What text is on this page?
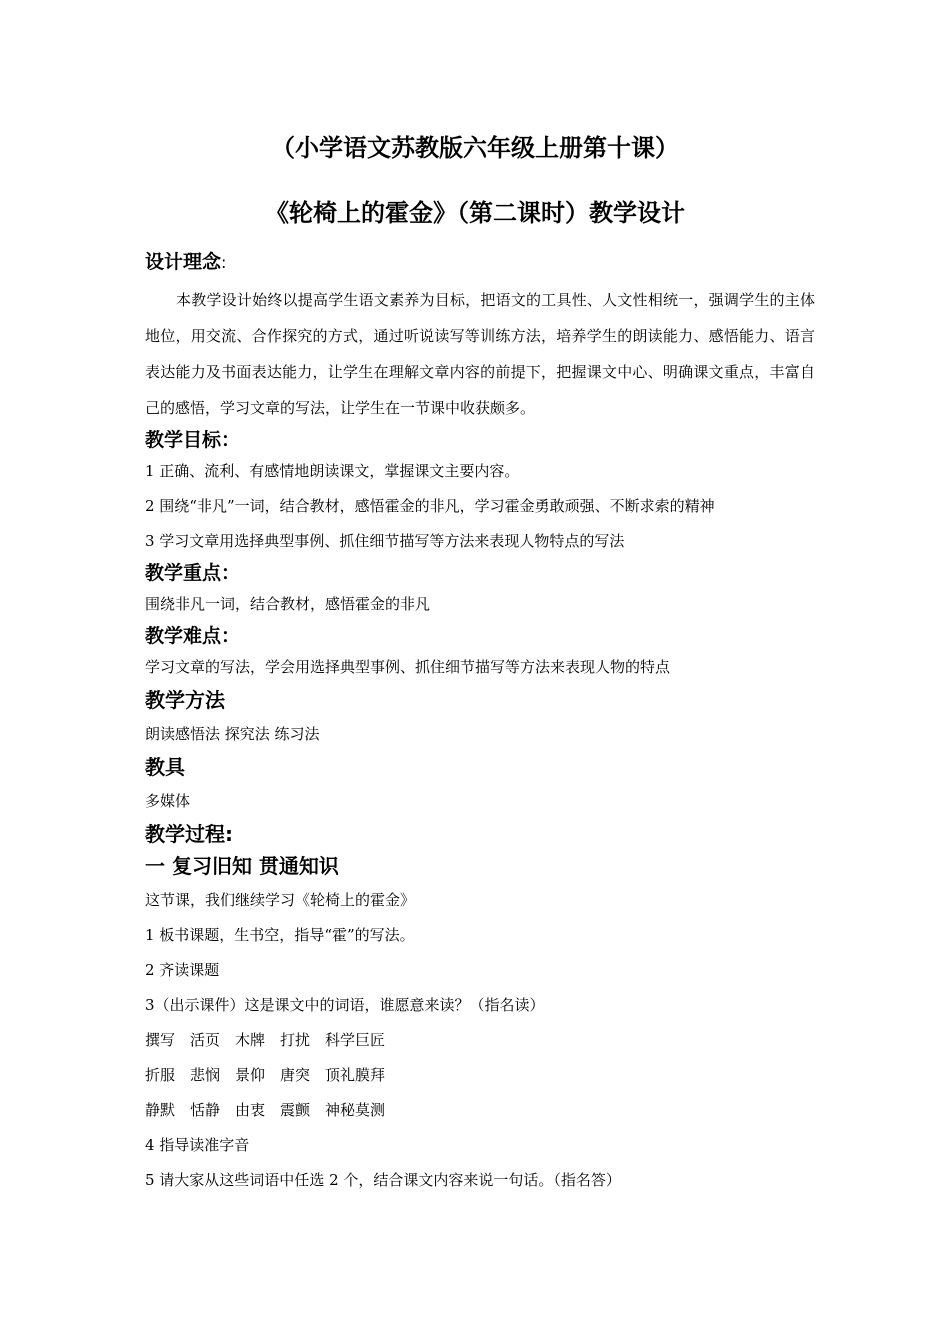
（小学语文苏教版六年级上册第十课）
《轮椅上的霍金》（第二课时）教学设计
设计理念:
本教学设计始终以提高学生语文素养为目标，把语文的工具性、人文性相统一，强调学生的主体地位，用交流、合作探究的方式，通过听说读写等训练方法，培养学生的朗读能力、感悟能力、语言表达能力及书面表达能力，让学生在理解文章内容的前提下，把握课文中心、明确课文重点，丰富自己的感悟，学习文章的写法，让学生在一节课中收获颇多。
教学目标：
1 正确、流利、有感情地朗读课文，掌握课文主要内容。
2 围绕“非凡”一词，结合教材，感悟霍金的非凡，学习霍金勇敢顽强、不断求索的精神
3 学习文章用选择典型事例、抓住细节描写等方法来表现人物特点的写法
教学重点：
围绕非凡一词，结合教材，感悟霍金的非凡
教学难点：
学习文章的写法，学会用选择典型事例、抓住细节描写等方法来表现人物的特点
教学方法
朗读感悟法 探究法 练习法
教具
多媒体
教学过程:
一 复习旧知 贯通知识
这节课，我们继续学习《轮椅上的霍金》
1 板书课题，生书空，指导“霍”的写法。
2 齐读课题
3（出示课件）这是课文中的词语，谁愿意来读？（指名读）
撰写　活页　木牌　打扰　科学巨匠
折服　悲悯　景仰　唐突　顶礼膜拜
静默　恬静　由衷　震颤　神秘莫测
4 指导读准字音
5 请大家从这些词语中任选 2 个，结合课文内容来说一句话。（指名答）
